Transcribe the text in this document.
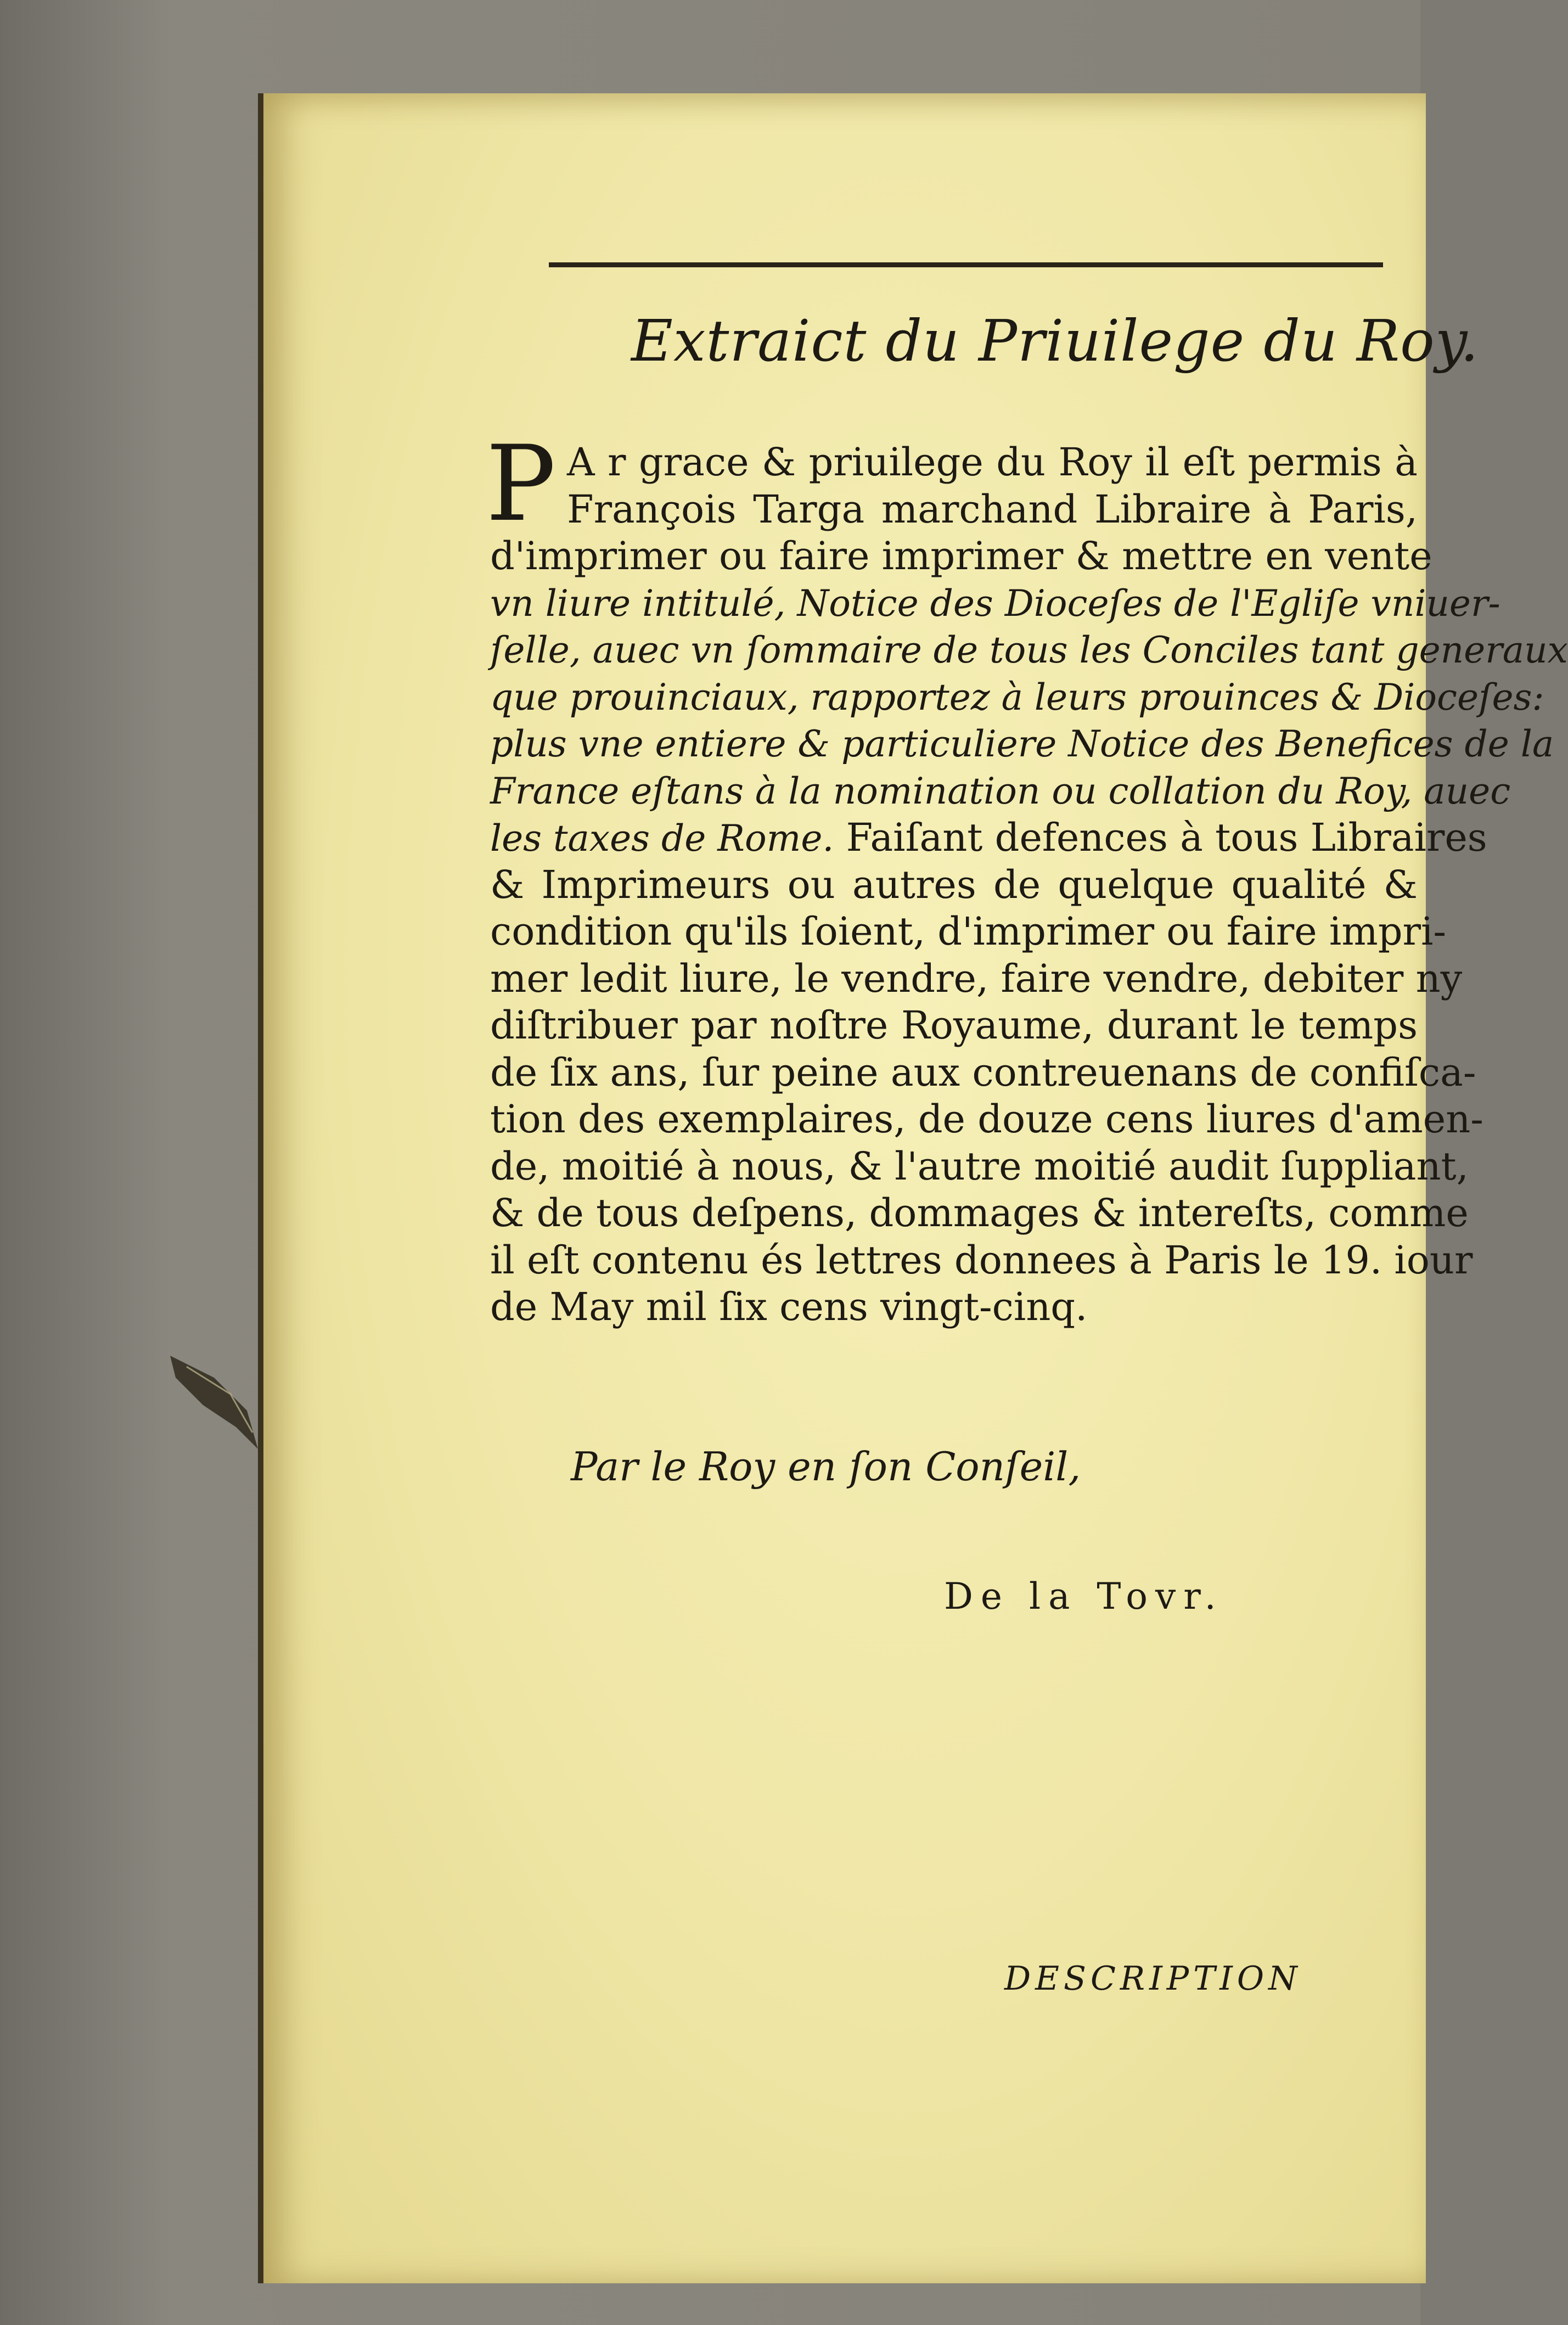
Extraict du Priuilege du Roy.
P A r grace & priuilege du Roy il eſt permis à
François Targa marchand Libraire à Paris,
d'imprimer ou faire imprimer & mettre en vente
vn liure intitulé, Notice des Dioceſes de l'Egliſe vniuer-
ſelle, auec vn ſommaire de tous les Conciles tant generaux
que prouinciaux, rapportez à leurs prouinces & Dioceſes:
plus vne entiere & particuliere Notice des Benefices de la
France eſtans à la nomination ou collation du Roy, auec
les taxes de Rome. Faiſant defences à tous Libraires
& Imprimeurs ou autres de quelque qualité &
condition qu'ils ſoient, d'imprimer ou faire impri-
mer ledit liure, le vendre, faire vendre, debiter ny
diſtribuer par noſtre Royaume, durant le temps
de ſix ans, ſur peine aux contreuenans de confiſca-
tion des exemplaires, de douze cens liures d'amen-
de, moitié à nous, & l'autre moitié audit ſuppliant,
& de tous deſpens, dommages & intereſts, comme
il eſt contenu és lettres donnees à Paris le 19. iour
de May mil ſix cens vingt-cinq.
Par le Roy en ſon Conſeil,
De la Tovr.
DESCRIPTION
